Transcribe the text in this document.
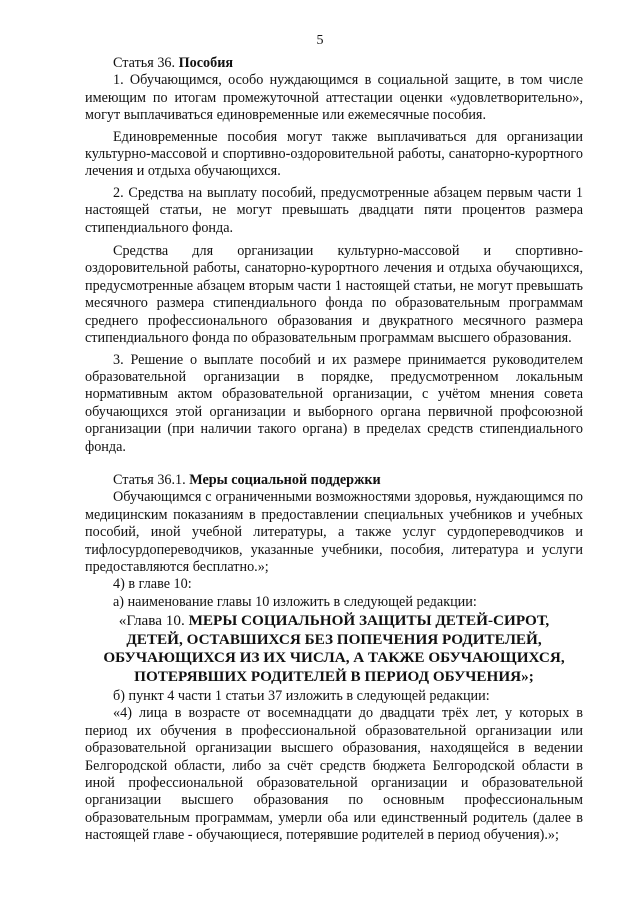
5

Статья 36. Пособия

1. Обучающимся, особо нуждающимся в социальной защите, в том числе имеющим по итогам промежуточной аттестации оценки «удовлетворительно», могут выплачиваться единовременные или ежемесячные пособия.

Единовременные пособия могут также выплачиваться для организации культурно-массовой и спортивно-оздоровительной работы, санаторно-курортного лечения и отдыха обучающихся.

2. Средства на выплату пособий, предусмотренные абзацем первым части 1 настоящей статьи, не могут превышать двадцати пяти процентов размера стипендиального фонда.

Средства для организации культурно-массовой и спортивно-оздоровительной работы, санаторно-курортного лечения и отдыха обучающихся, предусмотренные абзацем вторым части 1 настоящей статьи, не могут превышать месячного размера стипендиального фонда по образовательным программам среднего профессионального образования и двукратного месячного размера стипендиального фонда по образовательным программам высшего образования.

3. Решение о выплате пособий и их размере принимается руководителем образовательной организации в порядке, предусмотренном локальным нормативным актом образовательной организации, с учётом мнения совета обучающихся этой организации и выборного органа первичной профсоюзной организации (при наличии такого органа) в пределах средств стипендиального фонда.

Статья 36.1. Меры социальной поддержки

Обучающимся с ограниченными возможностями здоровья, нуждающимся по медицинским показаниям в предоставлении специальных учебников и учебных пособий, иной учебной литературы, а также услуг сурдопереводчиков и тифлосурдопереводчиков, указанные учебники, пособия, литература и услуги предоставляются бесплатно.»;

4) в главе 10:

а) наименование главы 10 изложить в следующей редакции:

«Глава 10. МЕРЫ СОЦИАЛЬНОЙ ЗАЩИТЫ ДЕТЕЙ-СИРОТ,
ДЕТЕЙ, ОСТАВШИХСЯ БЕЗ ПОПЕЧЕНИЯ РОДИТЕЛЕЙ,
ОБУЧАЮЩИХСЯ ИЗ ИХ ЧИСЛА, А ТАКЖЕ ОБУЧАЮЩИХСЯ,
ПОТЕРЯВШИХ РОДИТЕЛЕЙ В ПЕРИОД ОБУЧЕНИЯ»;

б) пункт 4 части 1 статьи 37 изложить в следующей редакции:

«4) лица в возрасте от восемнадцати до двадцати трёх лет, у которых в период их обучения в профессиональной образовательной организации или образовательной организации высшего образования, находящейся в ведении Белгородской области, либо за счёт средств бюджета Белгородской области в иной профессиональной образовательной организации и образовательной организации высшего образования по основным профессиональным образовательным программам, умерли оба или единственный родитель (далее в настоящей главе - обучающиеся, потерявшие родителей в период обучения).»;
